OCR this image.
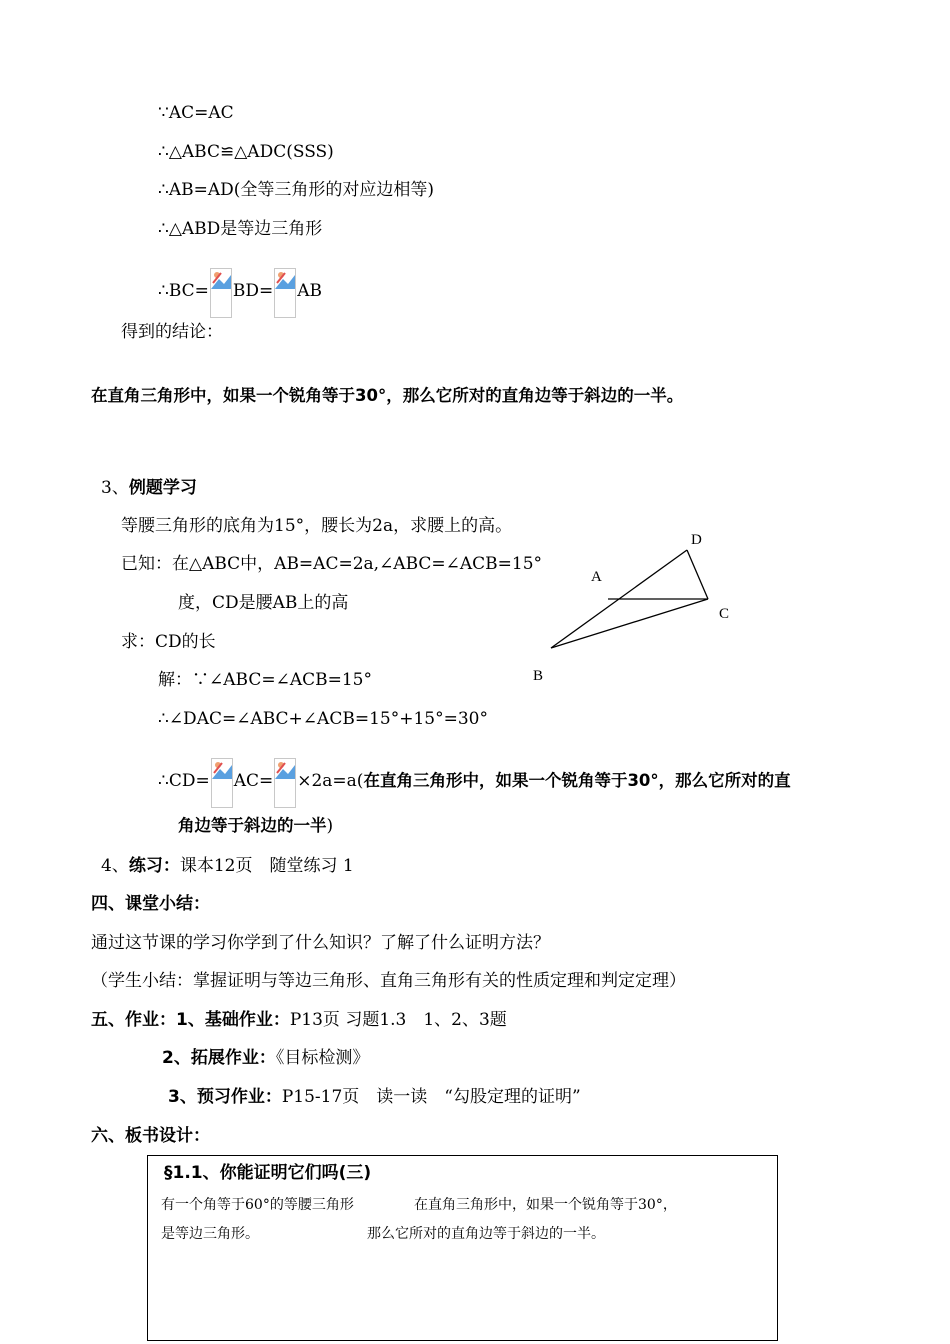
∵AC=AC
∴△ABC≌△ADC(SSS)
∴AB=AD(全等三角形的对应边相等)
∴△ABD是等边三角形
∴BC= BD= AB
得到的结论：
在直角三角形中，如果一个锐角等于30°，那么它所对的直角边等于斜边的一半。
3、例题学习
等腰三角形的底角为15°，腰长为2a，求腰上的高。
已知：在△ABC中，AB=AC=2a,∠ABC=∠ACB=15°
度，CD是腰AB上的高
求：CD的长
解：∵∠ABC=∠ACB=15°
∴∠DAC=∠ABC+∠ACB=15°+15°=30°
∴CD= AC= ×2a=a(在直角三角形中，如果一个锐角等于30°，那么它所对的直
角边等于斜边的一半)
D
A
C
B
4、练习：课本12页　随堂练习 1
四、课堂小结：
通过这节课的学习你学到了什么知识？了解了什么证明方法？
（学生小结：掌握证明与等边三角形、直角三角形有关的性质定理和判定定理）
五、作业：1、基础作业：P13页 习题1.3　1、2、3题
2、拓展作业：《目标检测》
3、预习作业：P15-17页　读一读　“勾股定理的证明”
六、板书设计：
§1.1、你能证明它们吗(三)
有一个角等于60°的等腰三角形
是等边三角形。
在直角三角形中，如果一个锐角等于30°，
那么它所对的直角边等于斜边的一半。
